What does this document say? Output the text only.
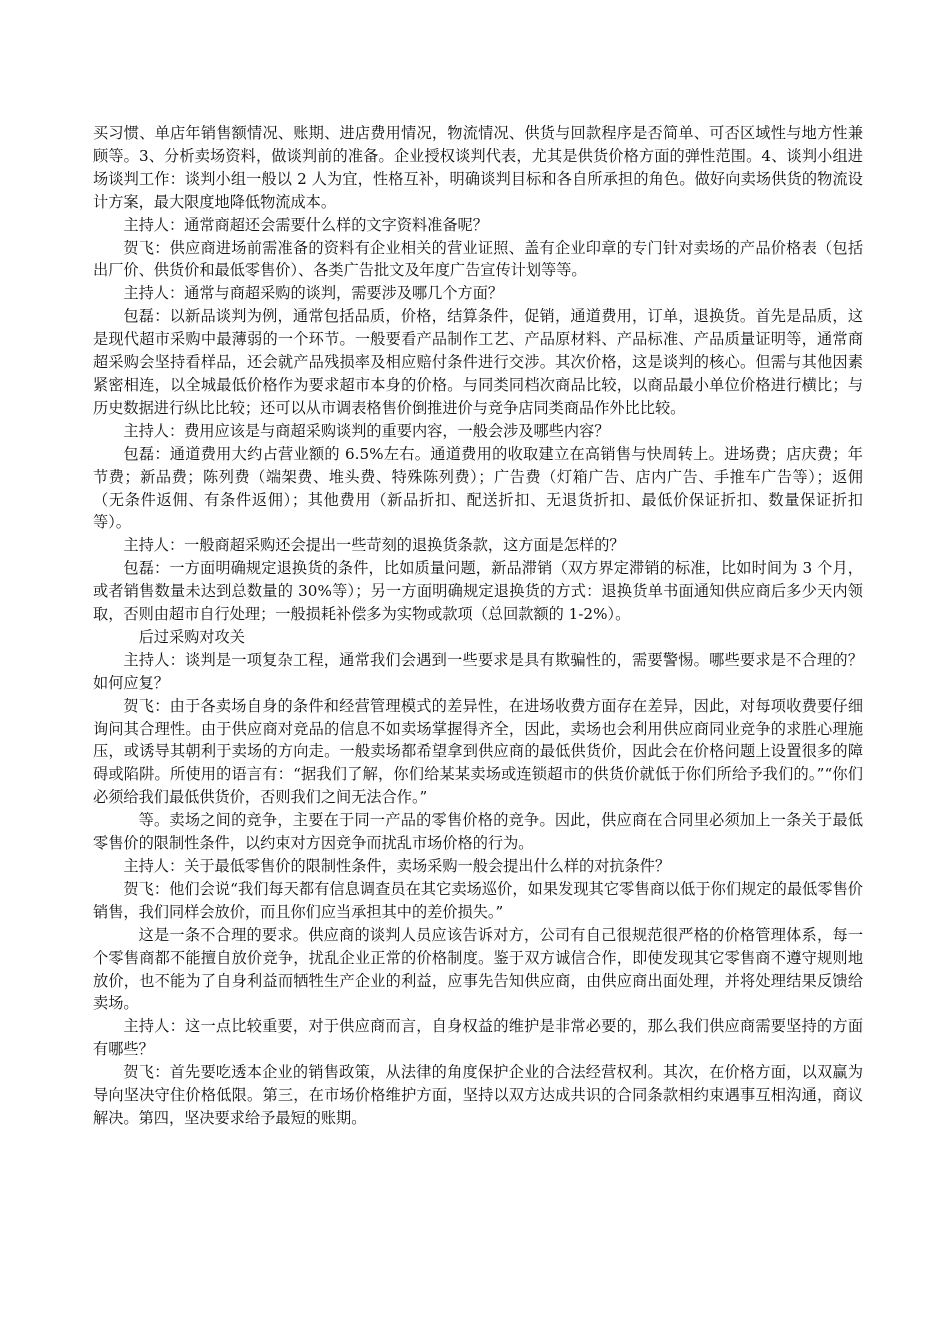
买习惯、单店年销售额情况、账期、进店费用情况，物流情况、供货与回款程序是否简单、可否区域性与地方性兼顾等。3、分析卖场资料，做谈判前的准备。企业授权谈判代表，尤其是供货价格方面的弹性范围。4、谈判小组进场谈判工作：谈判小组一般以 2 人为宜，性格互补，明确谈判目标和各自所承担的角色。做好向卖场供货的物流设计方案，最大限度地降低物流成本。

主持人：通常商超还会需要什么样的文字资料准备呢？

贺飞：供应商进场前需准备的资料有企业相关的营业证照、盖有企业印章的专门针对卖场的产品价格表（包括出厂价、供货价和最低零售价）、各类广告批文及年度广告宣传计划等等。

主持人：通常与商超采购的谈判，需要涉及哪几个方面？

包磊：以新品谈判为例，通常包括品质，价格，结算条件，促销，通道费用，订单，退换货。首先是品质，这是现代超市采购中最薄弱的一个环节。一般要看产品制作工艺、产品原材料、产品标准、产品质量证明等，通常商超采购会坚持看样品，还会就产品残损率及相应赔付条件进行交涉。其次价格，这是谈判的核心。但需与其他因素紧密相连，以全城最低价格作为要求超市本身的价格。与同类同档次商品比较，以商品最小单位价格进行横比；与历史数据进行纵比比较；还可以从市调表格售价倒推进价与竞争店同类商品作外比比较。

主持人：费用应该是与商超采购谈判的重要内容，一般会涉及哪些内容？

包磊：通道费用大约占营业额的 6.5%左右。通道费用的收取建立在高销售与快周转上。进场费；店庆费；年节费；新品费；陈列费（端架费、堆头费、特殊陈列费）；广告费（灯箱广告、店内广告、手推车广告等）；返佣（无条件返佣、有条件返佣）；其他费用（新品折扣、配送折扣、无退货折扣、最低价保证折扣、数量保证折扣等）。

主持人：一般商超采购还会提出一些苛刻的退换货条款，这方面是怎样的？

包磊：一方面明确规定退换货的条件，比如质量问题，新品滞销（双方界定滞销的标准，比如时间为 3 个月，或者销售数量未达到总数量的 30%等）；另一方面明确规定退换货的方式：退换货单书面通知供应商后多少天内领取，否则由超市自行处理；一般损耗补偿多为实物或款项（总回款额的 1-2%）。

后过采购对攻关

主持人：谈判是一项复杂工程，通常我们会遇到一些要求是具有欺骗性的，需要警惕。哪些要求是不合理的？如何应复？

贺飞：由于各卖场自身的条件和经营管理模式的差异性，在进场收费方面存在差异，因此，对每项收费要仔细询问其合理性。由于供应商对竞品的信息不如卖场掌握得齐全，因此，卖场也会利用供应商同业竞争的求胜心理施压，或诱导其朝利于卖场的方向走。一般卖场都希望拿到供应商的最低供货价，因此会在价格问题上设置很多的障碍或陷阱。所使用的语言有：“据我们了解，你们给某某卖场或连锁超市的供货价就低于你们所给予我们的。”“你们必须给我们最低供货价，否则我们之间无法合作。”

等。卖场之间的竞争，主要在于同一产品的零售价格的竞争。因此，供应商在合同里必须加上一条关于最低零售价的限制性条件，以约束对方因竞争而扰乱市场价格的行为。

主持人：关于最低零售价的限制性条件，卖场采购一般会提出什么样的对抗条件？

贺飞：他们会说“我们每天都有信息调查员在其它卖场巡价，如果发现其它零售商以低于你们规定的最低零售价销售，我们同样会放价，而且你们应当承担其中的差价损失。”

这是一条不合理的要求。供应商的谈判人员应该告诉对方，公司有自己很规范很严格的价格管理体系，每一个零售商都不能擅自放价竞争，扰乱企业正常的价格制度。鉴于双方诚信合作，即使发现其它零售商不遵守规则地放价，也不能为了自身利益而牺牲生产企业的利益，应事先告知供应商，由供应商出面处理，并将处理结果反馈给卖场。

主持人：这一点比较重要，对于供应商而言，自身权益的维护是非常必要的，那么我们供应商需要坚持的方面有哪些？

贺飞：首先要吃透本企业的销售政策，从法律的角度保护企业的合法经营权利。其次，在价格方面，以双赢为导向坚决守住价格低限。第三，在市场价格维护方面，坚持以双方达成共识的合同条款相约束遇事互相沟通，商议解决。第四，坚决要求给予最短的账期。
